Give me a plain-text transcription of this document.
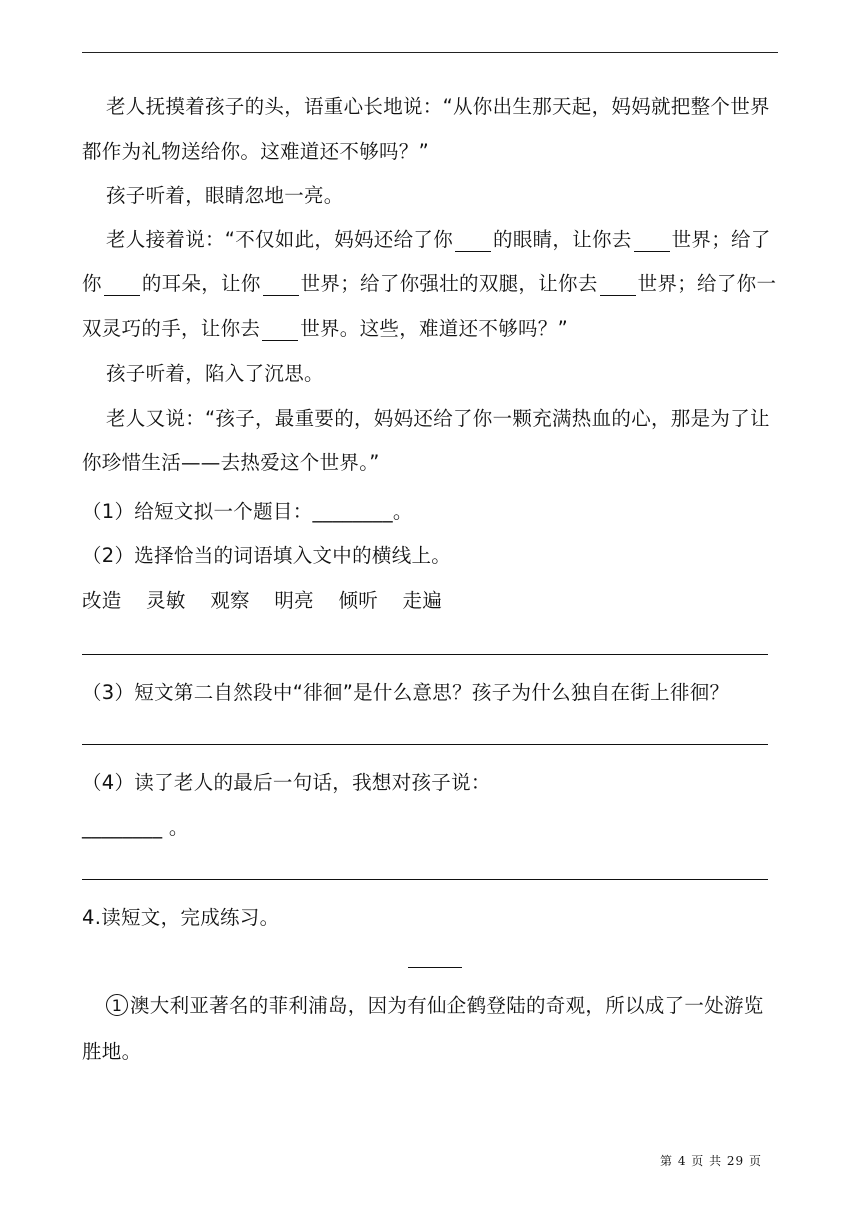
老人抚摸着孩子的头，语重心长地说：“从你出生那天起，妈妈就把整个世界
都作为礼物送给你。这难道还不够吗？”
孩子听着，眼睛忽地一亮。
老人接着说：“不仅如此，妈妈还给了你 的眼睛，让你去 世界；给了
你 的耳朵，让你 世界；给了你强壮的双腿，让你去 世界；给了你一
双灵巧的手，让你去 世界。这些，难道还不够吗？”
孩子听着，陷入了沉思。
老人又说：“孩子，最重要的，妈妈还给了你一颗充满热血的心，那是为了让
你珍惜生活——去热爱这个世界。”
（1）给短文拟一个题目：________。
（2）选择恰当的词语填入文中的横线上。
改造 灵敏 观察 明亮 倾听 走遍
（3）短文第二自然段中“徘徊”是什么意思？孩子为什么独自在街上徘徊？
（4）读了老人的最后一句话，我想对孩子说：
________ 。
4.读短文，完成练习。
1 澳大利亚著名的菲利浦岛，因为有仙企鹤登陆的奇观，所以成了一处游览
胜地。
第 4 页 共 29 页
